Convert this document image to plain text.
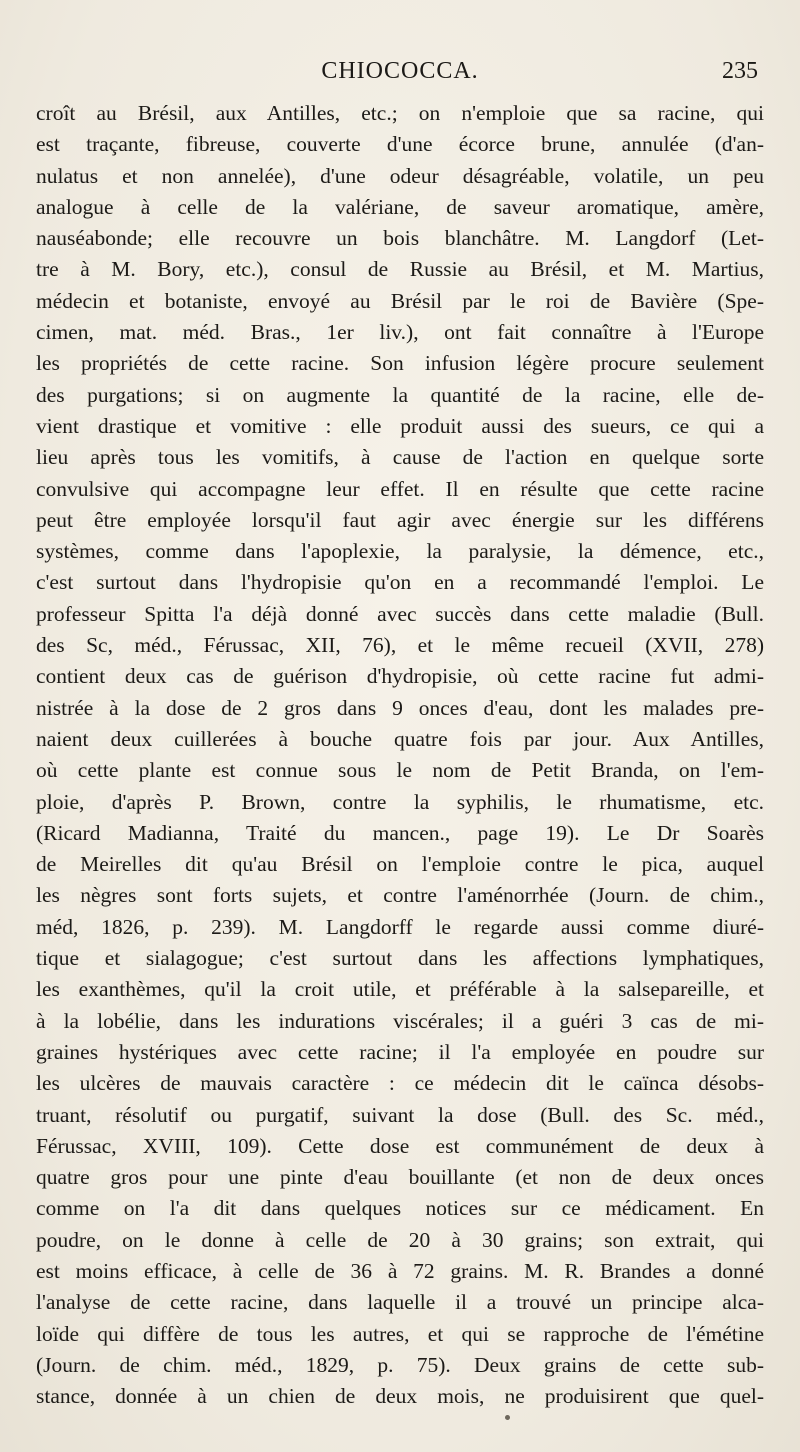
CHIOCOCCA.	235
croît au Brésil, aux Antilles, etc.; on n'emploie que sa racine, qui
est traçante, fibreuse, couverte d'une écorce brune, annulée (d'an-
nulatus et non annelée), d'une odeur désagréable, volatile, un peu
analogue à celle de la valériane, de saveur aromatique, amère,
nauséabonde; elle recouvre un bois blanchâtre. M. Langdorf (Let-
tre à M. Bory, etc.), consul de Russie au Brésil, et M. Martius,
médecin et botaniste, envoyé au Brésil par le roi de Bavière (Spe-
cimen, mat. méd. Bras., 1er liv.), ont fait connaître à l'Europe
les propriétés de cette racine. Son infusion légère procure seulement
des purgations; si on augmente la quantité de la racine, elle de-
vient drastique et vomitive : elle produit aussi des sueurs, ce qui a
lieu après tous les vomitifs, à cause de l'action en quelque sorte
convulsive qui accompagne leur effet. Il en résulte que cette racine
peut être employée lorsqu'il faut agir avec énergie sur les différens
systèmes, comme dans l'apoplexie, la paralysie, la démence, etc.,
c'est surtout dans l'hydropisie qu'on en a recommandé l'emploi. Le
professeur Spitta l'a déjà donné avec succès dans cette maladie (Bull.
des Sc, méd., Férussac, XII, 76), et le même recueil (XVII, 278)
contient deux cas de guérison d'hydropisie, où cette racine fut admi-
nistrée à la dose de 2 gros dans 9 onces d'eau, dont les malades pre-
naient deux cuillerées à bouche quatre fois par jour. Aux Antilles,
où cette plante est connue sous le nom de Petit Branda, on l'em-
ploie, d'après P. Brown, contre la syphilis, le rhumatisme, etc.
(Ricard Madianna, Traité du mancen., page 19). Le Dr Soarès
de Meirelles dit qu'au Brésil on l'emploie contre le pica, auquel
les nègres sont forts sujets, et contre l'aménorrhée (Journ. de chim.,
méd, 1826, p. 239). M. Langdorff le regarde aussi comme diuré-
tique et sialagogue; c'est surtout dans les affections lymphatiques,
les exanthèmes, qu'il la croit utile, et préférable à la salsepareille, et
à la lobélie, dans les indurations viscérales; il a guéri 3 cas de mi-
graines hystériques avec cette racine; il l'a employée en poudre sur
les ulcères de mauvais caractère : ce médecin dit le caïnca désobs-
truant, résolutif ou purgatif, suivant la dose (Bull. des Sc. méd.,
Férussac, XVIII, 109). Cette dose est communément de deux à
quatre gros pour une pinte d'eau bouillante (et non de deux onces
comme on l'a dit dans quelques notices sur ce médicament. En
poudre, on le donne à celle de 20 à 30 grains; son extrait, qui
est moins efficace, à celle de 36 à 72 grains. M. R. Brandes a donné
l'analyse de cette racine, dans laquelle il a trouvé un principe alca-
loïde qui diffère de tous les autres, et qui se rapproche de l'émétine
(Journ. de chim. méd., 1829, p. 75). Deux grains de cette sub-
stance, donnée à un chien de deux mois, ne produisirent que quel-
